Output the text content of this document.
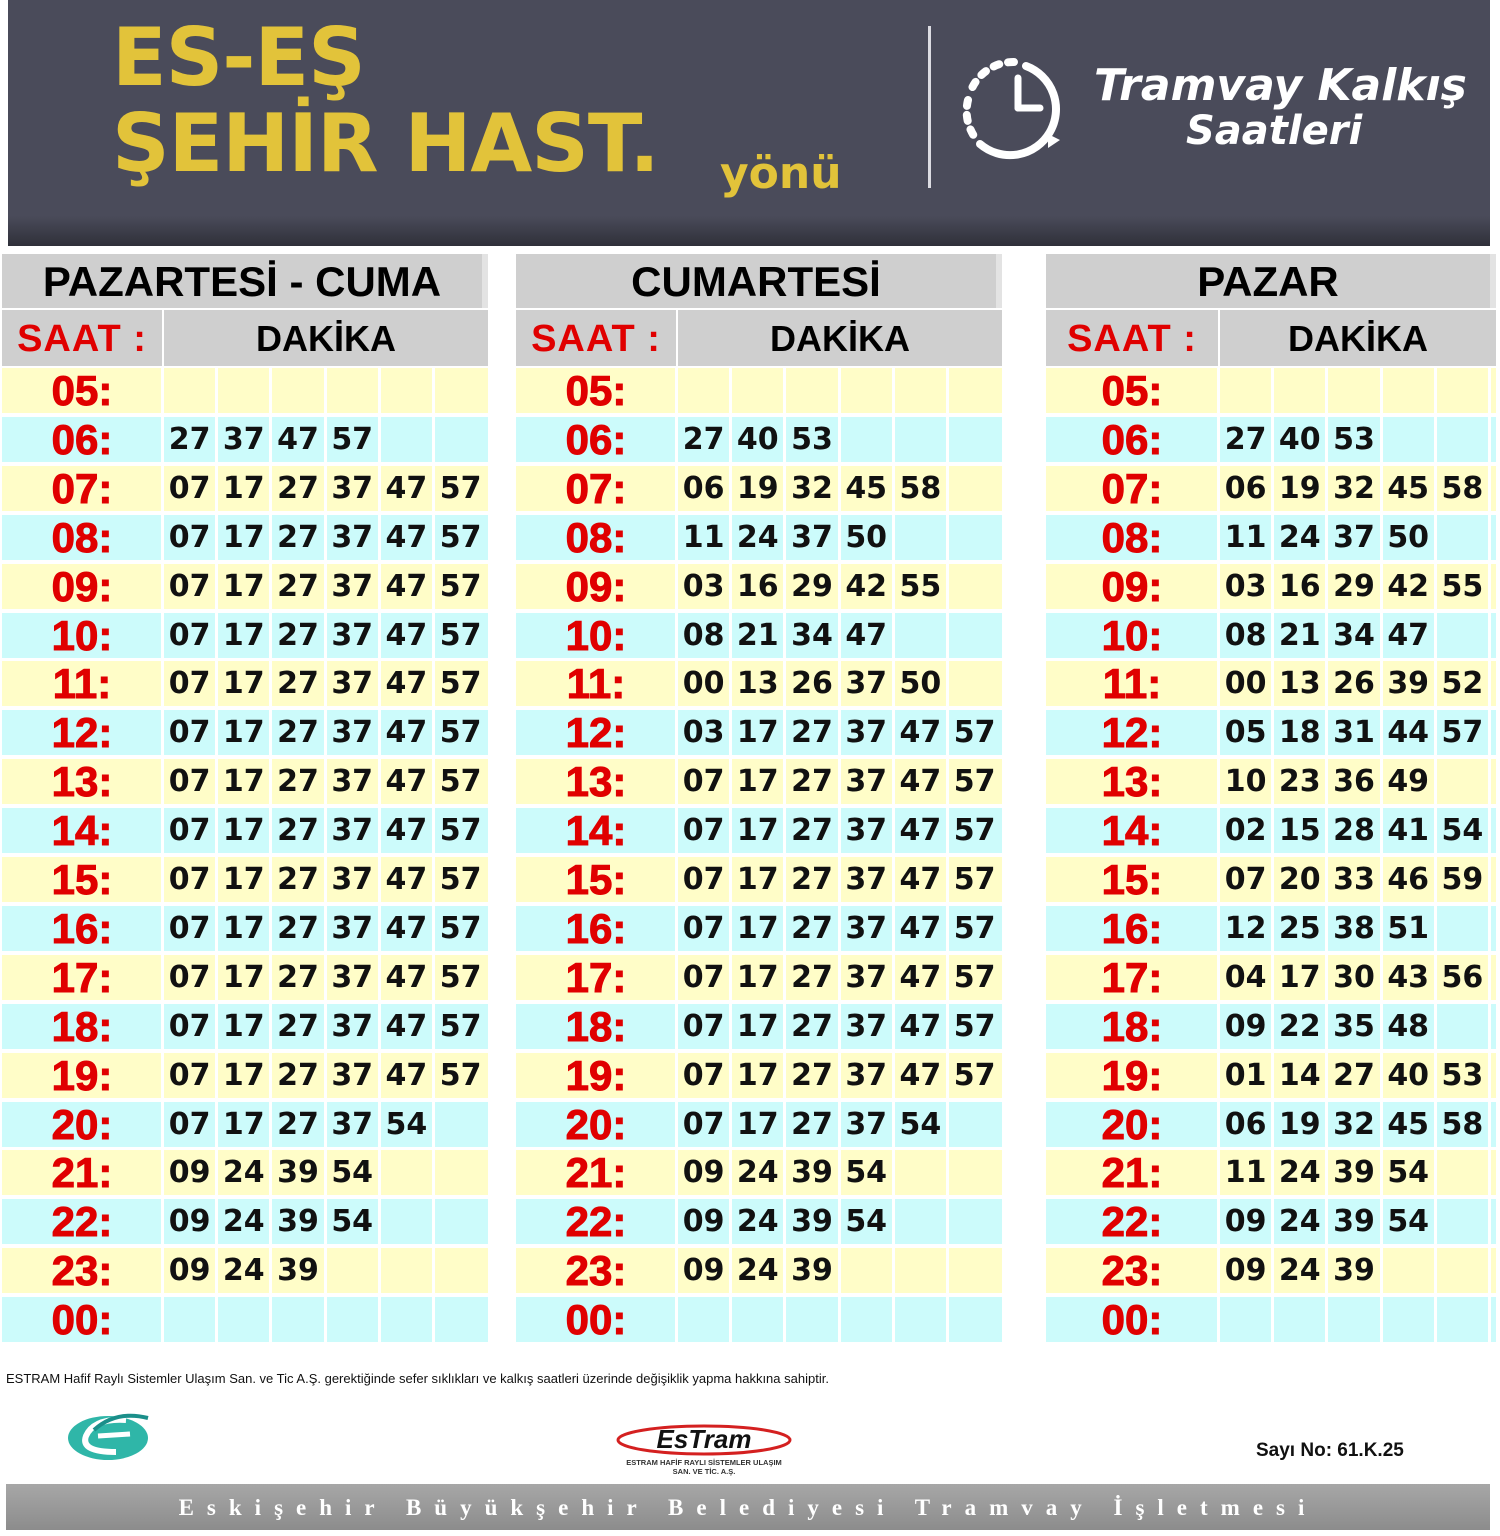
ES-EŞ
ŞEHİR HAST. yönü
Tramvay Kalkış
Saatleri
PAZARTESİ - CUMA
SAAT :	DAKİKA
05:
06:	27 37 47 57
07:	07 17 27 37 47 57
08:	07 17 27 37 47 57
09:	07 17 27 37 47 57
10:	07 17 27 37 47 57
11:	07 17 27 37 47 57
12:	07 17 27 37 47 57
13:	07 17 27 37 47 57
14:	07 17 27 37 47 57
15:	07 17 27 37 47 57
16:	07 17 27 37 47 57
17:	07 17 27 37 47 57
18:	07 17 27 37 47 57
19:	07 17 27 37 47 57
20:	07 17 27 37 54
21:	09 24 39 54
22:	09 24 39 54
23:	09 24 39
00:
CUMARTESİ
SAAT :	DAKİKA
05:
06:	27 40 53
07:	06 19 32 45 58
08:	11 24 37 50
09:	03 16 29 42 55
10:	08 21 34 47
11:	00 13 26 37 50
12:	03 17 27 37 47 57
13:	07 17 27 37 47 57
14:	07 17 27 37 47 57
15:	07 17 27 37 47 57
16:	07 17 27 37 47 57
17:	07 17 27 37 47 57
18:	07 17 27 37 47 57
19:	07 17 27 37 47 57
20:	07 17 27 37 54
21:	09 24 39 54
22:	09 24 39 54
23:	09 24 39
00:
PAZAR
SAAT :	DAKİKA
05:
06:	27 40 53
07:	06 19 32 45 58
08:	11 24 37 50
09:	03 16 29 42 55
10:	08 21 34 47
11:	00 13 26 39 52
12:	05 18 31 44 57
13:	10 23 36 49
14:	02 15 28 41 54
15:	07 20 33 46 59
16:	12 25 38 51
17:	04 17 30 43 56
18:	09 22 35 48
19:	01 14 27 40 53
20:	06 19 32 45 58
21:	11 24 39 54
22:	09 24 39 54
23:	09 24 39
00:
ESTRAM Hafif Raylı Sistemler Ulaşım San. ve Tic A.Ş. gerektiğinde sefer sıklıkları ve kalkış saatleri üzerinde değişiklik yapma hakkına sahiptir.
EsTram
ESTRAM HAFİF RAYLI SİSTEMLER ULAŞIM
SAN. VE TİC. A.Ş.
Sayı No: 61.K.25
Eskişehir Büyükşehir Belediyesi Tramvay İşletmesi
